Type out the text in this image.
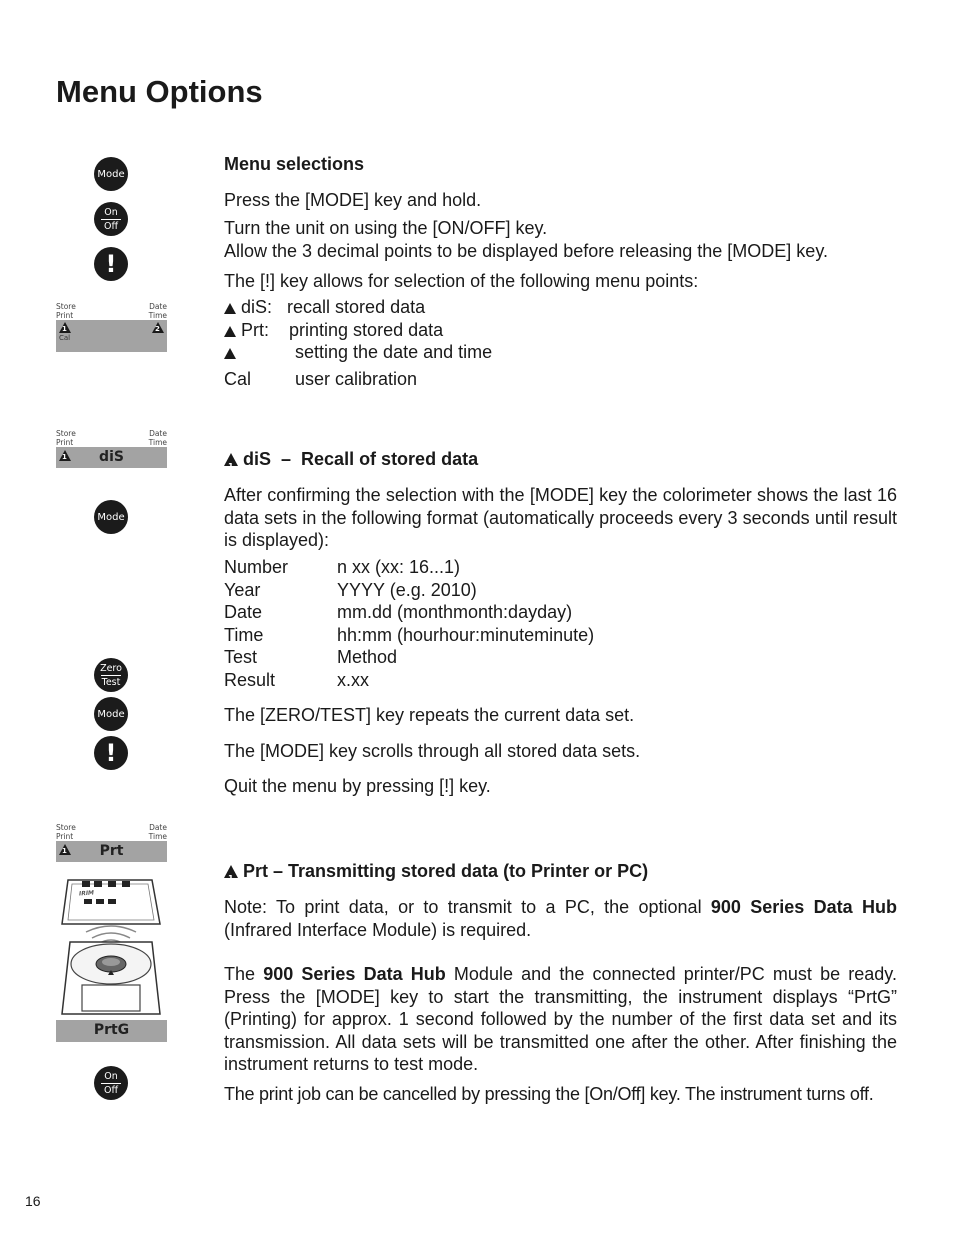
Menu Options
Mode
On
Off
!
Store	Date
Print	Time
1	2
Cal

Menu selections

Press the [MODE] key and hold.

Turn the unit on using the [ON/OFF] key.

Allow the 3 decimal points to be displayed before releasing the [MODE] key.

The [!] key allows for selection of the following menu points:

1 diS:   recall stored data

1 Prt:    printing stored data

2	setting the date and time

Cal user calibration

Store	Date
Print	Time
1	diS
Mode
Zero
Test
Mode
!

1 diS  –  Recall of stored data

After confirming the selection with the [MODE] key the colorimeter shows the last 16 data sets in the following format (automatically proceeds every 3 seconds until result is displayed):

Number	n xx (xx: 16...1)
Year	YYYY (e.g. 2010)
Date	mm.dd (monthmonth:dayday)
Time	hh:mm (hourhour:minuteminute)
Test	Method
Result	x.xx

The [ZERO/TEST] key repeats the current data set.

The [MODE] key scrolls through all stored data sets.

Quit the menu by pressing [!] key.

Store	Date
Print	Time
1	Prt
IRIM
PrtG
On
Off

1 Prt – Transmitting stored data (to Printer or PC)

Note: To print data, or to transmit to a PC, the optional 900 Series Data Hub (Infrared Interface Module) is required.

The 900 Series Data Hub Module and the connected printer/PC must be ready. Press the [MODE] key to start the transmitting, the instrument displays “PrtG” (Printing) for approx. 1 second followed by the number of the first data set and its transmission. All data sets will be transmitted one after the other. After finishing the instrument returns to test mode.

The print job can be cancelled by pressing the [On/Off] key. The instrument turns off.

16
